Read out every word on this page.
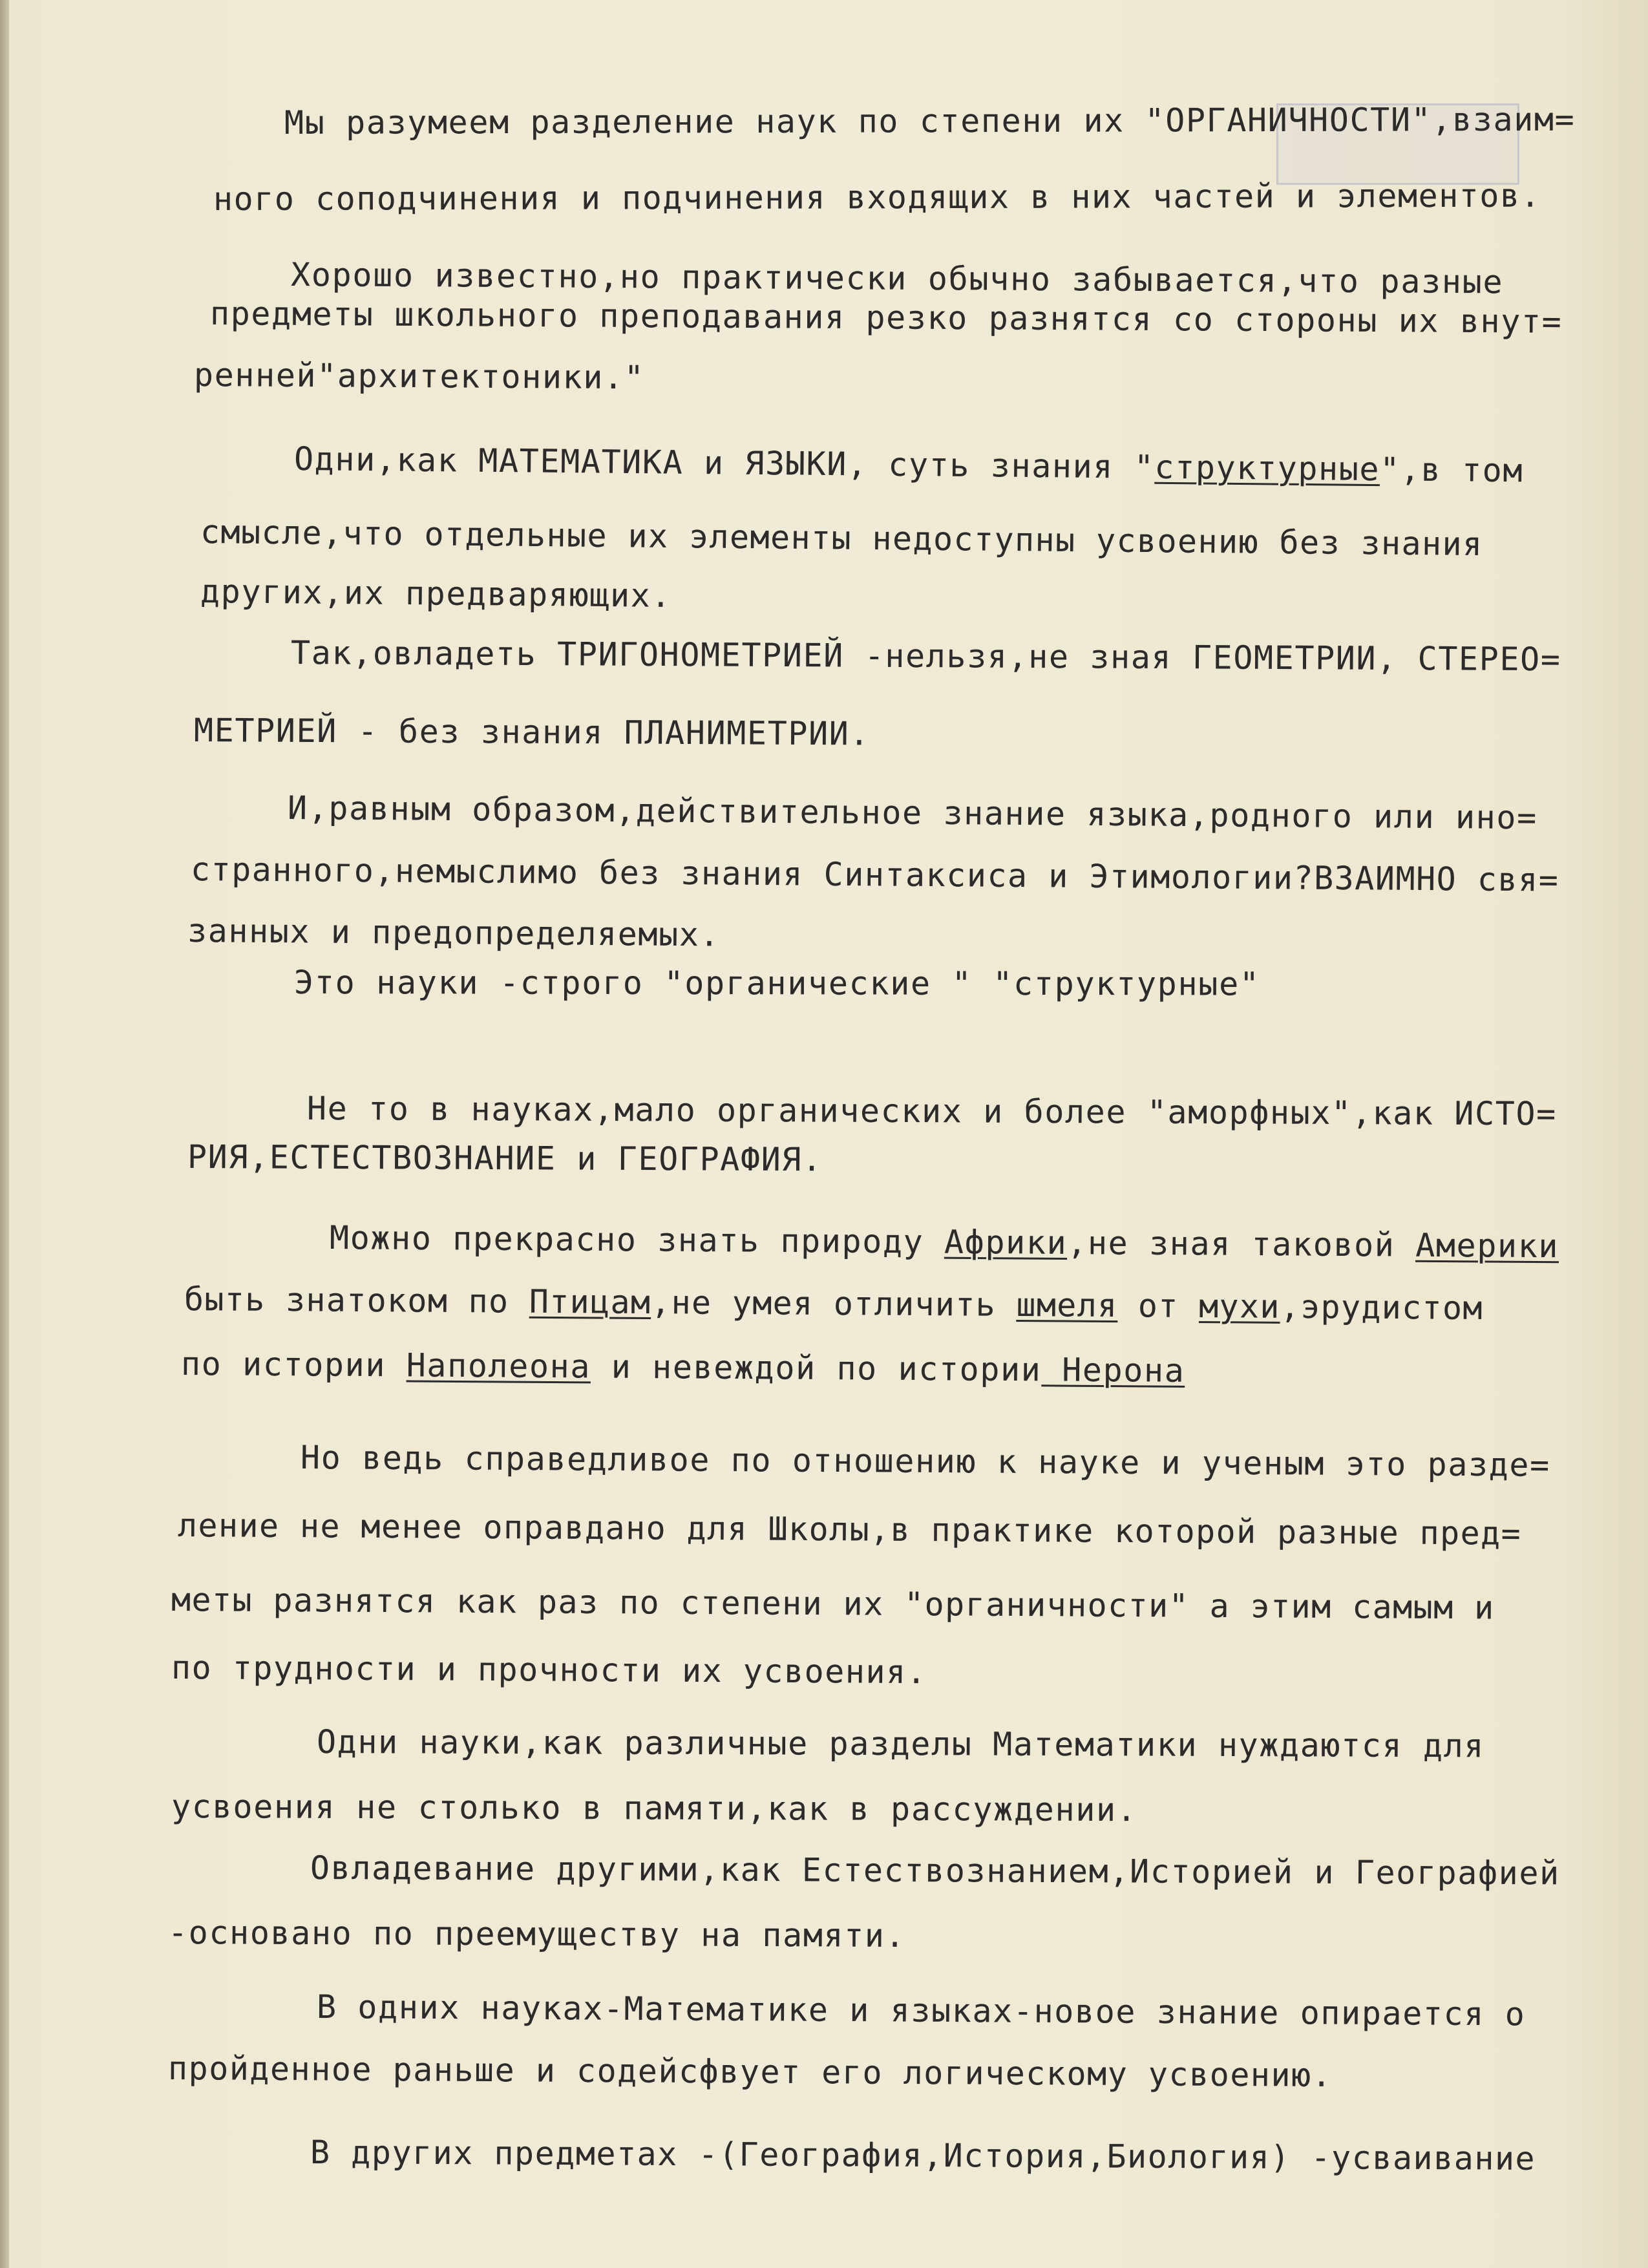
Мы разумеем разделение наук по степени их "ОРГАНИЧНОСТИ",взаим=
ного соподчинения и подчинения входящих в них частей и элементов.
Хорошо известно,но практически обычно забывается,что разные
предметы школьного преподавания резко разнятся со стороны их внут=
ренней"архитектоники."
Одни,как МАТЕМАТИКА и ЯЗЫКИ, суть знания "структурные",в том
смысле,что отдельные их элементы недоступны усвоению без знания
других,их предваряющих.
Так,овладеть ТРИГОНОМЕТРИЕЙ -нельзя,не зная ГЕОМЕТРИИ, СТЕРЕО=
МЕТРИЕЙ - без знания ПЛАНИМЕТРИИ.
И,равным образом,действительное знание языка,родного или ино=
странного,немыслимо без знания Синтаксиса и Этимологии?ВЗАИМНО свя=
занных и предопределяемых.
Это науки -строго "органические " "структурные"
Не то в науках,мало органических и более "аморфных",как ИСТО=
РИЯ,ЕСТЕСТВОЗНАНИЕ и ГЕОГРАФИЯ.
Можно прекрасно знать природу Африки,не зная таковой Америки
быть знатоком по Птицам,не умея отличить шмеля от мухи,эрудистом
по истории Наполеона и невеждой по истории Нерона
Но ведь справедливое по отношению к науке и ученым это разде=
ление не менее оправдано для Школы,в практике которой разные пред=
меты разнятся как раз по степени их "органичности" а этим самым и
по трудности и прочности их усвоения.
Одни науки,как различные разделы Математики нуждаются для
усвоения не столько в памяти,как в рассуждении.
Овладевание другими,как Естествознанием,Историей и Географией
-основано по преемуществу на памяти.
В одних науках-Математике и языках-новое знание опирается о
пройденное раньше и содейсфвует его логическому усвоению.
В других предметах -(География,История,Биология) -усваивание
